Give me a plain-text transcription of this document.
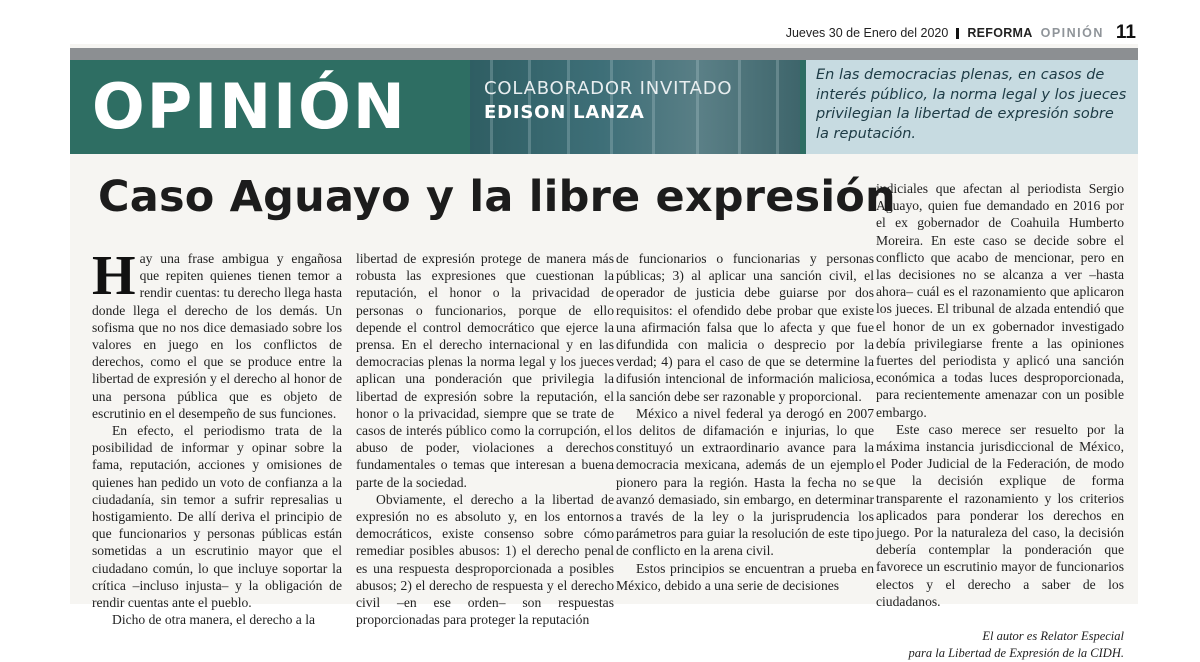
Jueves 30 de Enero del 2020 REFORMA OPINIÓN 11
OPINIÓN	COLABORADOR INVITADO
EDISON LANZA
En las democracias plenas, en casos de interés público, la norma legal y los jueces privilegian la libertad de expresión sobre la reputación.
Caso Aguayo y la libre expresión

Hay una frase ambigua y engañosa que repiten quienes tienen temor a rendir cuentas: tu derecho llega hasta donde llega el derecho de los demás. Un sofisma que no nos dice demasiado sobre los valores en juego en los conflictos de derechos, como el que se produce entre la libertad de expresión y el derecho al honor de una persona pública que es objeto de escrutinio en el desempeño de sus funciones.

En efecto, el periodismo trata de la posibilidad de informar y opinar sobre la fama, reputación, acciones y omisiones de quienes han pedido un voto de confianza a la ciudadanía, sin temor a sufrir represalias u hostigamiento. De allí deriva el principio de que funcionarios y personas públicas están sometidas a un escrutinio mayor que el ciudadano común, lo que incluye soportar la crítica –incluso injusta– y la obligación de rendir cuentas ante el pueblo.

Dicho de otra manera, el derecho a la

libertad de expresión protege de manera más robusta las expresiones que cuestionan la reputación, el honor o la privacidad de personas o funcionarios, porque de ello depende el control democrático que ejerce la prensa. En el derecho internacional y en las democracias plenas la norma legal y los jueces aplican una ponderación que privilegia la libertad de expresión sobre la reputación, el honor o la privacidad, siempre que se trate de casos de interés público como la corrupción, el abuso de poder, violaciones a derechos fundamentales o temas que interesan a buena parte de la sociedad.

Obviamente, el derecho a la libertad de expresión no es absoluto y, en los entornos democráticos, existe consenso sobre cómo remediar posibles abusos: 1) el derecho penal es una respuesta desproporcionada a posibles abusos; 2) el derecho de respuesta y el derecho civil –en ese orden– son respuestas proporcionadas para proteger la reputación

de funcionarios o funcionarias y personas públicas; 3) al aplicar una sanción civil, el operador de justicia debe guiarse por dos requisitos: el ofendido debe probar que existe una afirmación falsa que lo afecta y que fue difundida con malicia o desprecio por la verdad; 4) para el caso de que se determine la difusión intencional de información maliciosa, la sanción debe ser razonable y proporcional.

México a nivel federal ya derogó en 2007 los delitos de difamación e injurias, lo que constituyó un extraordinario avance para la democracia mexicana, además de un ejemplo pionero para la región. Hasta la fecha no se avanzó demasiado, sin embargo, en determinar a través de la ley o la jurisprudencia los parámetros para guiar la resolución de este tipo de conflicto en la arena civil.

Estos principios se encuentran a prueba en México, debido a una serie de decisiones

judiciales que afectan al periodista Sergio Aguayo, quien fue demandado en 2016 por el ex gobernador de Coahuila Humberto Moreira. En este caso se decide sobre el conflicto que acabo de mencionar, pero en las decisiones no se alcanza a ver –hasta ahora– cuál es el razonamiento que aplicaron los jueces. El tribunal de alzada entendió que el honor de un ex gobernador investigado debía privilegiarse frente a las opiniones fuertes del periodista y aplicó una sanción económica a todas luces desproporcionada, para recientemente amenazar con un posible embargo.

Este caso merece ser resuelto por la máxima instancia jurisdiccional de México, el Poder Judicial de la Federación, de modo que la decisión explique de forma transparente el razonamiento y los criterios aplicados para ponderar los derechos en juego. Por la naturaleza del caso, la decisión debería contemplar la ponderación que favorece un escrutinio mayor de funcionarios electos y el derecho a saber de los ciudadanos.

El autor es Relator Especial
para la Libertad de Expresión de la CIDH.
